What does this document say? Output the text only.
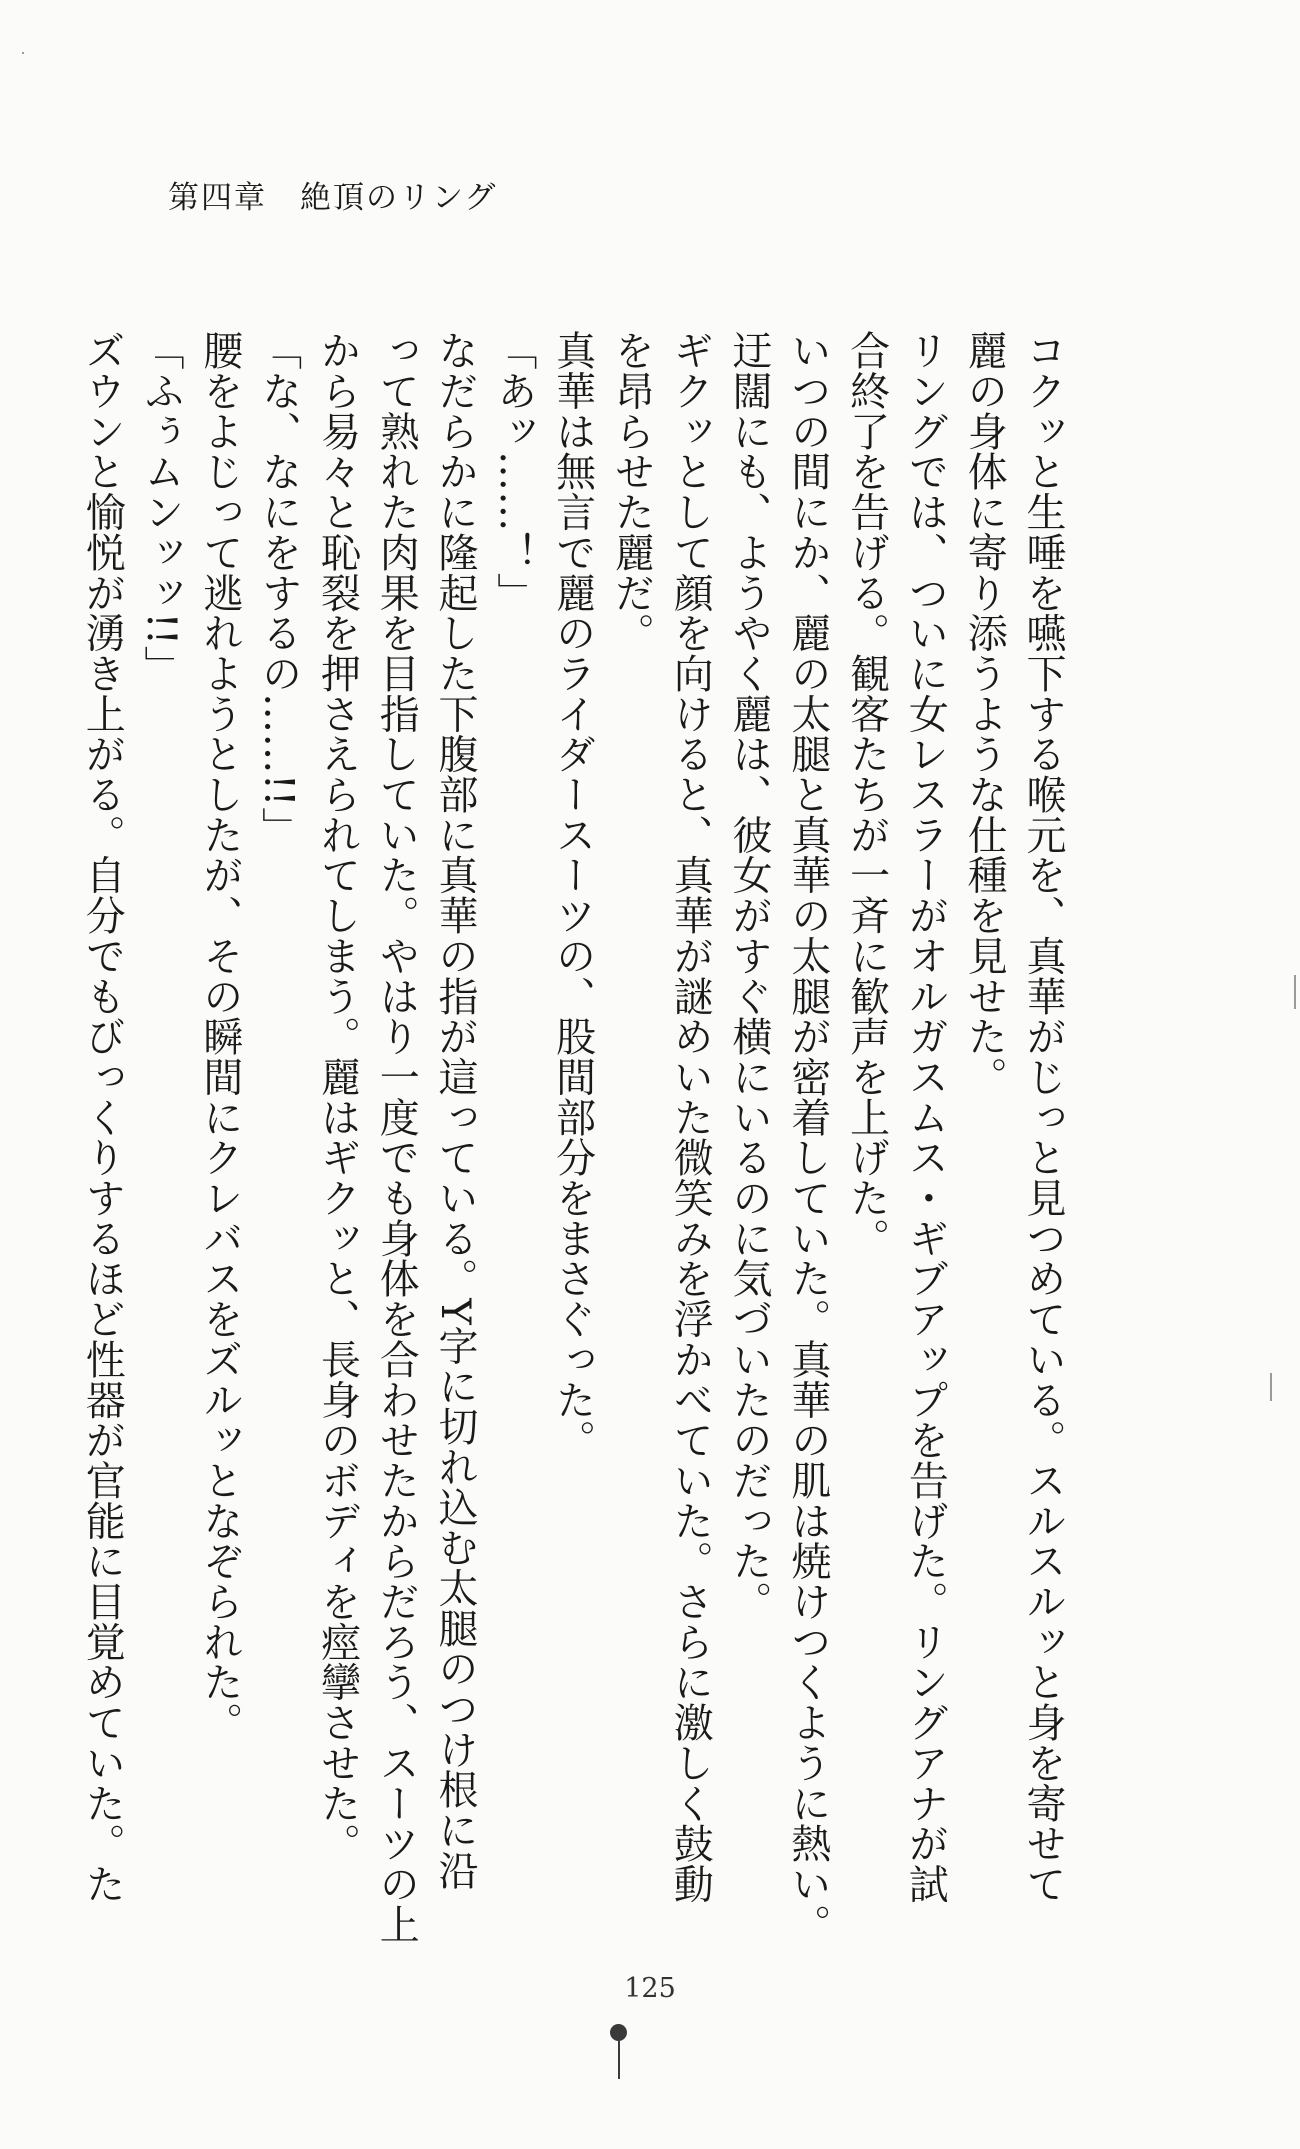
第四章　 絶頂のリング
コクッと生唾を嚥下する喉元を、真華がじっと見つめている。スルスルッと身を寄せて
麗の身体に寄り添うような仕種を見せた。
リングでは、ついに女レスラーがオルガスムス・ギブアップを告げた。リングアナが試
合終了を告げる。観客たちが一斉に歓声を上げた。
いつの間にか、麗の太腿と真華の太腿が密着していた。真華の肌は焼けつくように熱い。
迂闊にも、ようやく麗は、彼女がすぐ横にいるのに気づいたのだった。
ギクッとして顔を向けると、真華が謎めいた微笑みを浮かべていた。さらに激しく鼓動
を昂らせた麗だ。
真華は無言で麗のライダースーツの、股間部分をまさぐった。
「あッ……！」
なだらかに隆起した下腹部に真華の指が這っている。Y字に切れ込む太腿のつけ根に沿
って熟れた肉果を目指していた。やはり一度でも身体を合わせたからだろう、スーツの上
から易々と恥裂を押さえられてしまう。麗はギクッと、長身のボディを痙攣させた。
「な、なにをするの……!!」
腰をよじって逃れようとしたが、その瞬間にクレバスをズルッとなぞられた。
「ふぅムンッッ!!」
ズウンと愉悦が湧き上がる。自分でもびっくりするほど性器が官能に目覚めていた。た
125
